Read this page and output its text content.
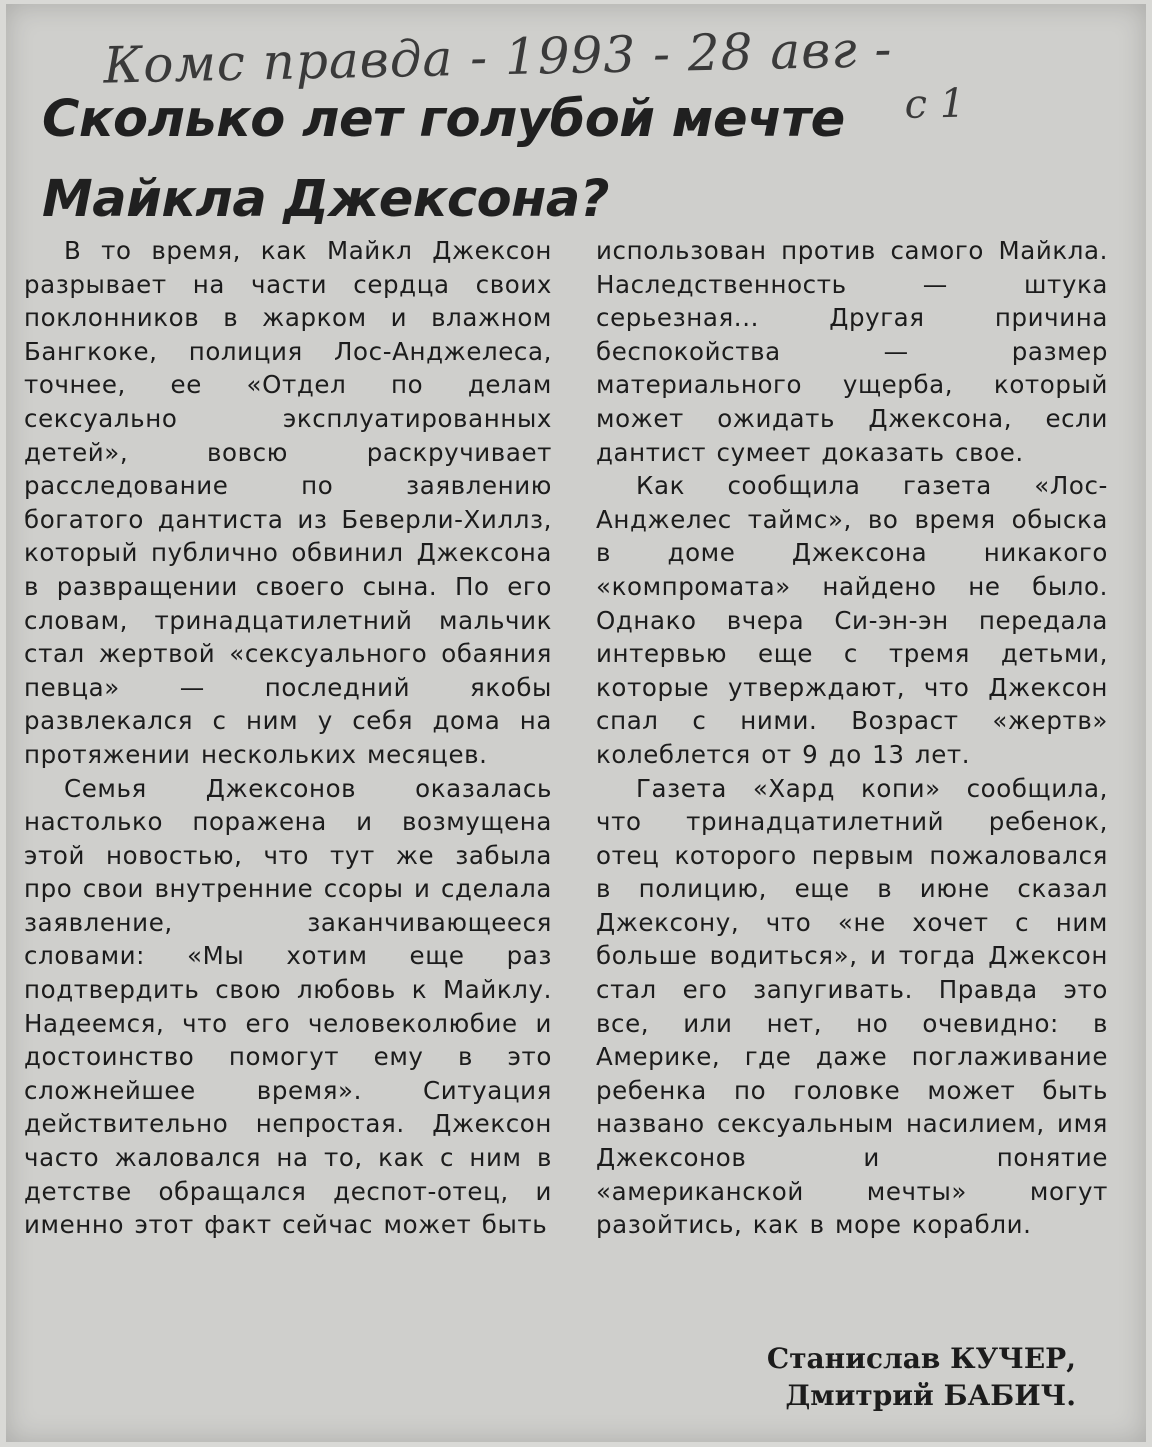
Комс правда - 1993 - 28 авг -
с 1
Сколько лет голубой мечте
Майкла Джексона?

В то время, как Майкл Джексон разрывает на части сердца своих поклонников в жарком и влажном Бангкоке, полиция Лос-Анджелеса, точнее, ее «Отдел по делам сексуально эксплуатированных детей», вовсю раскручивает расследование по заявлению богатого дантиста из Беверли-Хиллз, который публично обвинил Джексона в развращении своего сына. По его словам, тринадцатилетний мальчик стал жертвой «сексуального обаяния певца» — последний якобы развлекался с ним у себя дома на протяжении нескольких месяцев.

Семья Джексонов оказалась настолько поражена и возмущена этой новостью, что тут же забыла про свои внутренние ссоры и сделала заявление, заканчивающееся словами: «Мы хотим еще раз подтвердить свою любовь к Майклу. Надеемся, что его человеколюбие и достоинство помогут ему в это сложнейшее время». Ситуация действительно непростая. Джексон часто жаловался на то, как с ним в детстве обращался деспот-отец, и именно этот факт сейчас может быть

использован против самого Майкла. Наследственность — штука серьезная... Другая причина беспокойства — размер материального ущерба, который может ожидать Джексона, если дантист сумеет доказать свое.

Как сообщила газета «Лос-Анджелес таймс», во время обыска в доме Джексона никакого «компромата» найдено не было. Однако вчера Си-эн-эн передала интервью еще с тремя детьми, которые утверждают, что Джексон спал с ними. Возраст «жертв» колеблется от 9 до 13 лет.

Газета «Хард копи» сообщила, что тринадцатилетний ребенок, отец которого первым пожаловался в полицию, еще в июне сказал Джексону, что «не хочет с ним больше водиться», и тогда Джексон стал его запугивать. Правда это все, или нет, но очевидно: в Америке, где даже поглаживание ребенка по головке может быть названо сексуальным насилием, имя Джексонов и понятие «американской мечты» могут разойтись, как в море корабли.

Станислав КУЧЕР,
Дмитрий БАБИЧ.
